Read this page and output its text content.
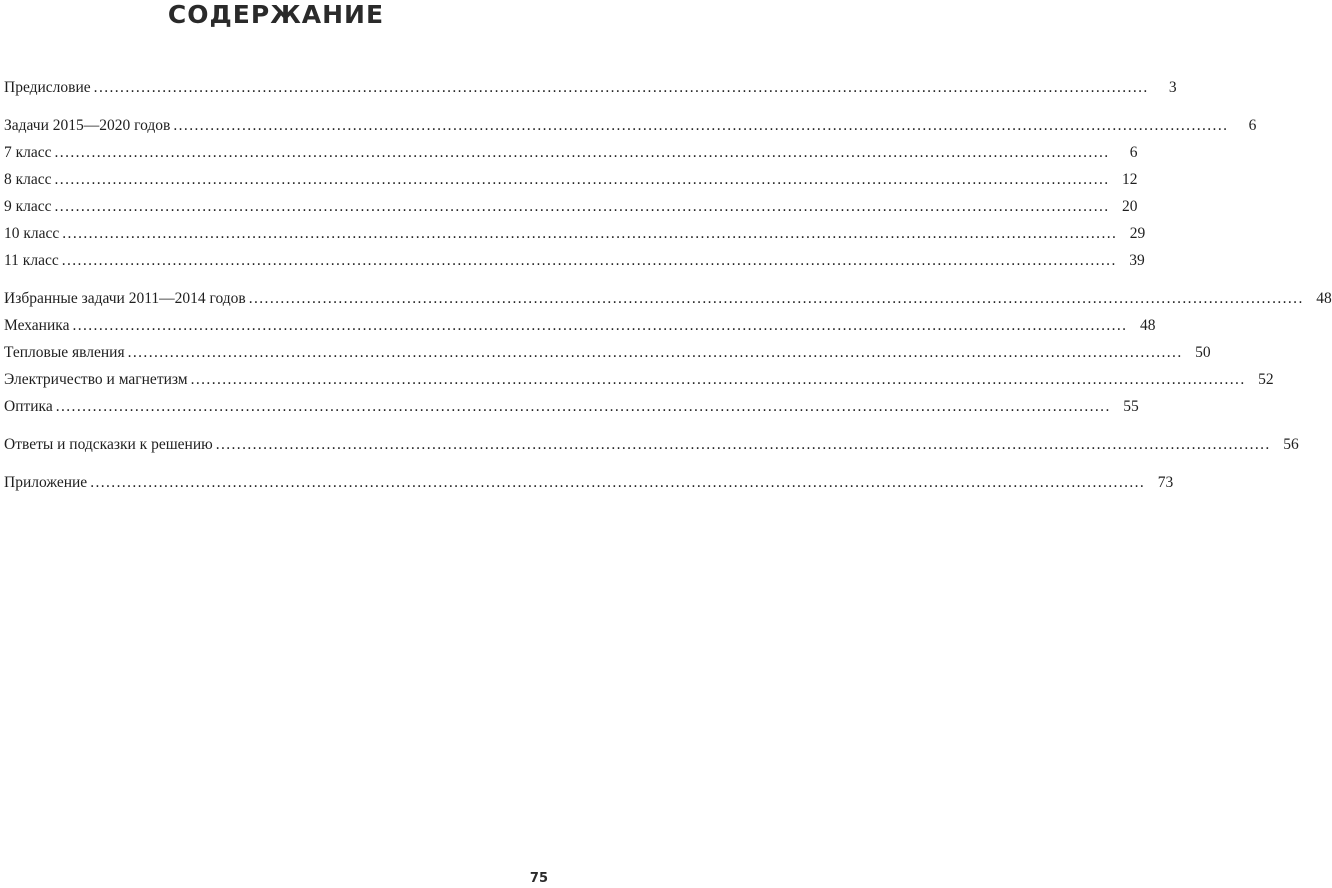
СОДЕРЖАНИЕ
Предисловие ........................................................................................................................................................................................................	3
Задачи 2015—2020 годов ........................................................................................................................................................................................................	6
7 класс ........................................................................................................................................................................................................	6
8 класс ........................................................................................................................................................................................................ 12
9 класс ........................................................................................................................................................................................................ 20
10 класс ........................................................................................................................................................................................................ 29
11 класс ........................................................................................................................................................................................................ 39
Избранные задачи 2011—2014 годов ........................................................................................................................................................................................................ 48
Механика ........................................................................................................................................................................................................ 48
Тепловые явления ........................................................................................................................................................................................................ 50
Электричество и магнетизм ........................................................................................................................................................................................................ 52
Оптика ........................................................................................................................................................................................................ 55
Ответы и подсказки к решению ........................................................................................................................................................................................................ 56
Приложение ........................................................................................................................................................................................................ 73
75
